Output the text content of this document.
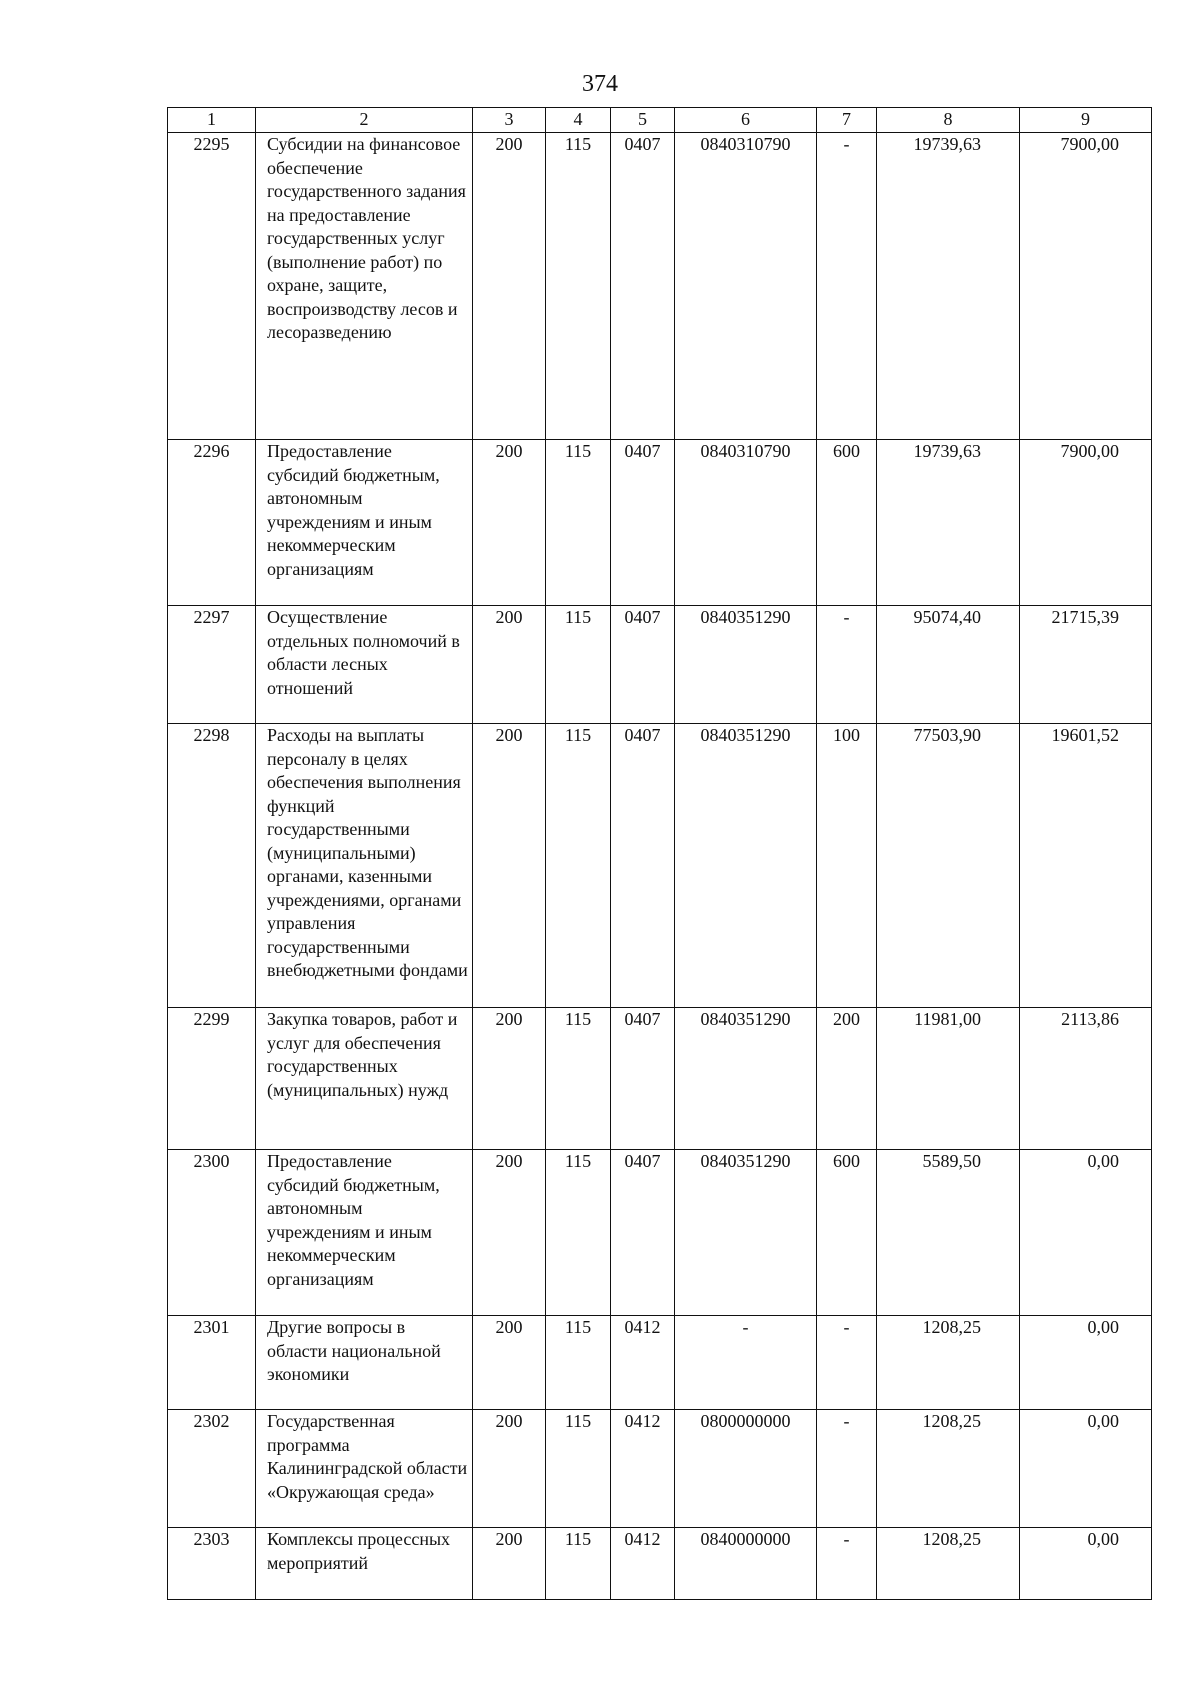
374
1	2	3	4	5	6	7	8	9
2295	Субсидии на финансовое обеспечение государственного задания на предоставление государственных услуг (выполнение работ) по охране, защите, воспроизводству лесов и лесоразведению	200	115	0407	0840310790	-	19739,63	7900,00
2296	Предоставление субсидий бюджетным, автономным учреждениям и иным некоммерческим организациям	200	115	0407	0840310790	600	19739,63	7900,00
2297	Осуществление отдельных полномочий в области лесных отношений	200	115	0407	0840351290	-	95074,40	21715,39
2298	Расходы на выплаты персоналу в целях обеспечения выполнения функций государственными (муниципальными) органами, казенными учреждениями, органами управления государственными внебюджетными фондами	200	115	0407	0840351290	100	77503,90	19601,52
2299	Закупка товаров, работ и услуг для обеспечения государственных (муниципальных) нужд	200	115	0407	0840351290	200	11981,00	2113,86
2300	Предоставление субсидий бюджетным, автономным учреждениям и иным некоммерческим организациям	200	115	0407	0840351290	600	5589,50	0,00
2301	Другие вопросы в области национальной экономики	200	115	0412	-	-	1208,25	0,00
2302	Государственная программа Калининградской области «Окружающая среда»	200	115	0412	0800000000	-	1208,25	0,00
2303	Комплексы процессных мероприятий	200	115	0412	0840000000	-	1208,25	0,00
